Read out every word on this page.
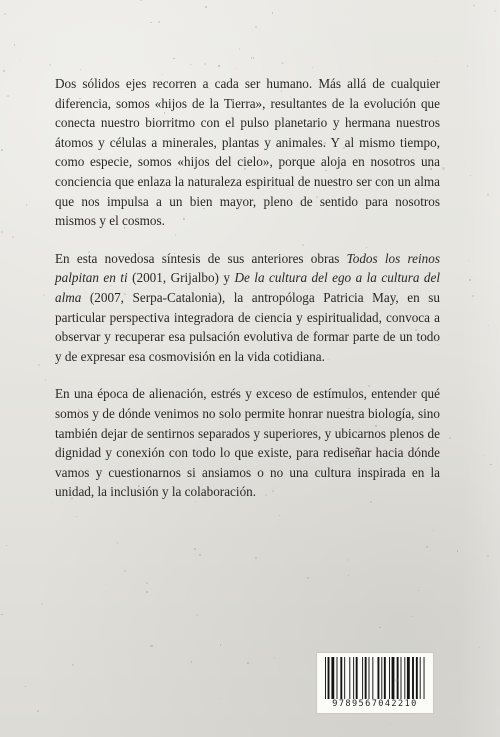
Dos sólidos ejes recorren a cada ser humano. Más allá de cualquier diferencia, somos «hijos de la Tierra», resultantes de la evolución que conecta nuestro biorritmo con el pulso planetario y hermana nuestros átomos y células a minerales, plantas y animales. Y al mismo tiempo, como especie, somos «hijos del cielo», porque aloja en nosotros una conciencia que enlaza la naturaleza espiritual de nuestro ser con un alma que nos impulsa a un bien mayor, pleno de sentido para nosotros mismos y el cosmos.

En esta novedosa síntesis de sus anteriores obras Todos los reinos palpitan en ti (2001, Grijalbo) y De la cultura del ego a la cultura del alma (2007, Serpa-Catalonia), la antropóloga Patricia May, en su particular perspectiva integradora de ciencia y espiritualidad, convoca a observar y recuperar esa pulsación evolutiva de formar parte de un todo y de expresar esa cosmovisión en la vida cotidiana.

En una época de alienación, estrés y exceso de estímulos, entender qué somos y de dónde venimos no solo permite honrar nuestra biología, sino también dejar de sentirnos separados y superiores, y ubicarnos plenos de dignidad y conexión con todo lo que existe, para rediseñar hacia dónde vamos y cuestionarnos si ansiamos o no una cultura inspirada en la unidad, la inclusión y la colaboración.

9789567042210
